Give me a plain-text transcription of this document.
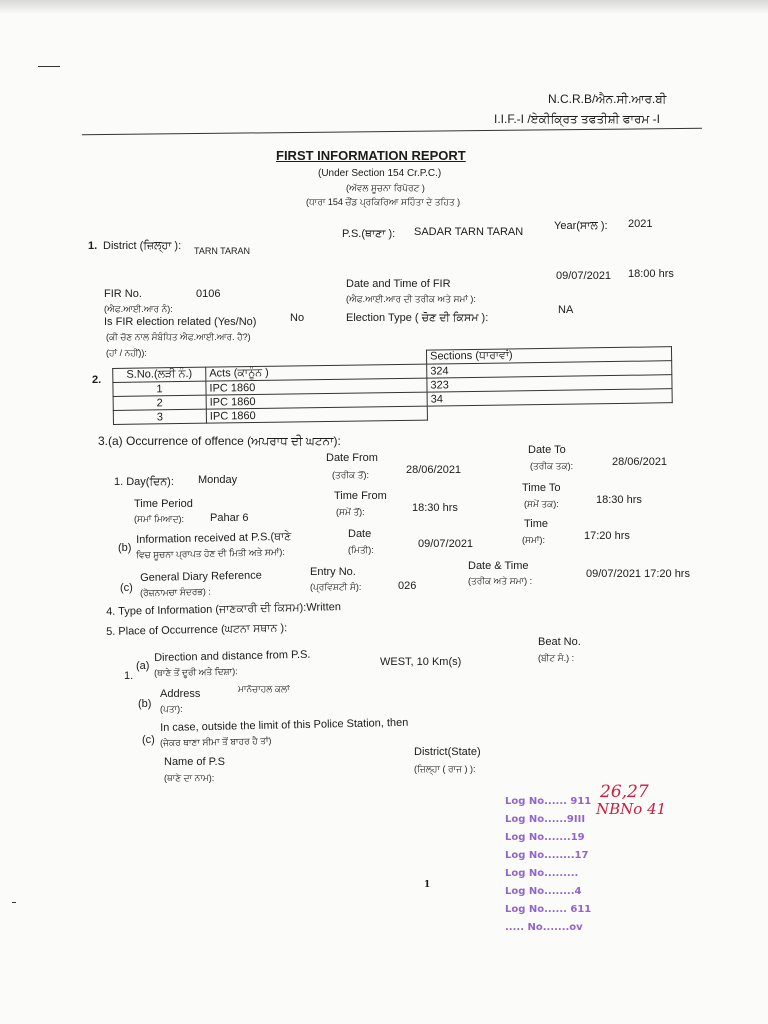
N.C.R.B/ਐਨ.ਸੀ.ਆਰ.ਬੀ
I.I.F.-I /ਏਕੀਕ੍ਰਿਤ ਤਫਤੀਸ਼ੀ ਫਾਰਮ -I
FIRST INFORMATION REPORT
(Under Section 154 Cr.P.C.)
(ਅੱਵਲ ਸੂਚਨਾ ਰਿਪੋਰਟ )
(ਧਾਰਾ 154 ਚੌਂਡ ਪ੍ਰਕਿਰਿਆ ਸਹਿੰਤਾ ਦੇ ਤਹਿਤ )
1. District (ਜ਼ਿਲ੍ਹਾ ): TARN TARAN
P.S.(ਥਾਣਾ ): SADAR TARN TARAN	Year(ਸਾਲ ): 2021
FIR No.
(ਐਫ.ਆਈ.ਆਰ ਨੰ):
0106
Date and Time of FIR
(ਐਫ.ਆਈ.ਆਰ ਦੀ ਤਰੀਕ ਅਤੇ ਸਮਾਂ ):
09/07/2021 18:00 hrs
Is FIR election related (Yes/No)
(ਕੀ ਚੋਣ ਨਾਲ ਸੰਬੰਧਿਤ ਐਫ.ਆਈ.ਆਰ. ਹੈ?)
(ਹਾਂ / ਨਹੀਂ)):
No	Election Type ( ਚੋਣ ਦੀ ਕਿਸਮ ):
NA
2.
		Sections (ਧਾਰਾਵਾਂ)
S.No.(ਲੜੀ ਨੰ.)	Acts (ਕਾਨੂੰਨ )	324
1	IPC 1860	323
2	IPC 1860	34
3	IPC 1860	
3.(a) Occurrence of offence (ਅਪਰਾਧ ਦੀ ਘਟਨਾ):
Date From
(ਤਰੀਕ ਤੋਂ):	28/06/2021
Date To
(ਤਰੀਕ ਤਕ):	28/06/2021
1. Day(ਦਿਨ): Monday
Time Period
(ਸਮਾਂ ਮਿਆਦ): Pahar 6
Time From
(ਸਮੇਂ ਤੋਂ):	18:30 hrs
Time To
(ਸਮੇਂ ਤਕ):	18:30 hrs
(b)
Information received at P.S.(ਥਾਣੇ
ਵਿਚ ਸੂਚਨਾ ਪ੍ਰਾਪਤ ਹੋਣ ਦੀ ਮਿਤੀ ਅਤੇ ਸਮਾਂ):
Date
(ਮਿਤੀ):	09/07/2021
Time
(ਸਮਾਂ):	17:20 hrs
(c)
General Diary Reference
(ਰੋਜ਼ਨਾਮਚਾ ਸੰਦਰਭ) :
Entry No.
(ਪ੍ਰਵਿਸ਼ਟੀ ਸੰ):	026
Date & Time
(ਤਰੀਕ ਅਤੇ ਸਮਾ) :
09/07/2021 17:20 hrs
4. Type of Information (ਜਾਣਕਾਰੀ ਦੀ ਕਿਸਮ):Written
5. Place of Occurrence (ਘਟਨਾ ਸਥਾਨ ):
1.
(a)
Direction and distance from P.S.
(ਥਾਣੇ ਤੋਂ ਦੂਰੀ ਅਤੇ ਦਿਸ਼ਾ):
WEST, 10 Km(s)
Beat No.
(ਬੀਟ ਸੰ.) :
(b)
Address
(ਪਤਾ):
ਮਾਨੋਚਾਹਲ ਕਲਾਂ
(c)
In case, outside the limit of this Police Station, then
(ਜੇਕਰ ਥਾਣਾ ਸੀਮਾ ਤੋਂ ਬਾਹਰ ਹੈ ਤਾਂ)
Name of P.S
(ਥਾਣੇ ਦਾ ਨਾਮ):
District(State)
(ਜ਼ਿਲ੍ਹਾ ( ਰਾਜ ) ):
1
26,27
NBNo 41
Log No...... 911
Log No......9III
Log No.......19
Log No........17
Log No.........
Log No........4
Log No...... 611
..... No.......ov
